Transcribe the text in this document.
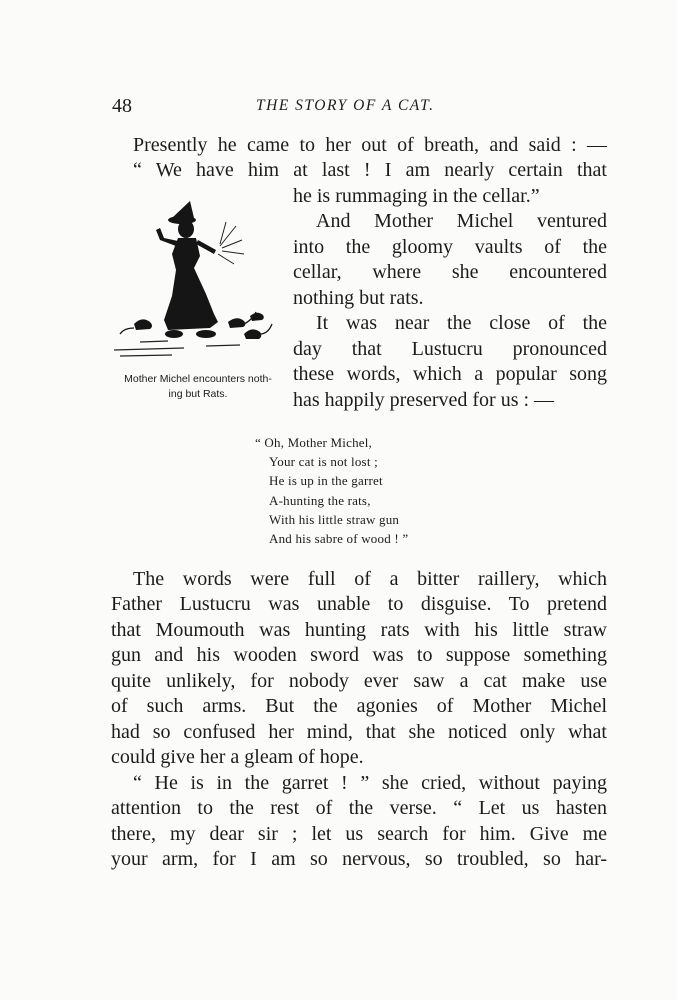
48	THE STORY OF A CAT.
Presently he came to her out of breath, and said : —
“ We have him at last ! I am nearly certain that
he is rummaging in the cellar.”
And Mother Michel ventured
into the gloomy vaults of the
cellar, where she encountered
nothing but rats.
It was near the close of the
day that Lustucru pronounced
these words, which a popular song
has happily preserved for us : —
Mother Michel encounters noth-
ing but Rats.
“ Oh, Mother Michel,
Your cat is not lost ;
He is up in the garret
A-hunting the rats,
With his little straw gun
And his sabre of wood ! ”
The words were full of a bitter raillery, which
Father Lustucru was unable to disguise. To pretend
that Moumouth was hunting rats with his little straw
gun and his wooden sword was to suppose something
quite unlikely, for nobody ever saw a cat make use
of such arms. But the agonies of Mother Michel
had so confused her mind, that she noticed only what
could give her a gleam of hope.
“ He is in the garret ! ” she cried, without paying
attention to the rest of the verse. “ Let us hasten
there, my dear sir ; let us search for him. Give me
your arm, for I am so nervous, so troubled, so har-
